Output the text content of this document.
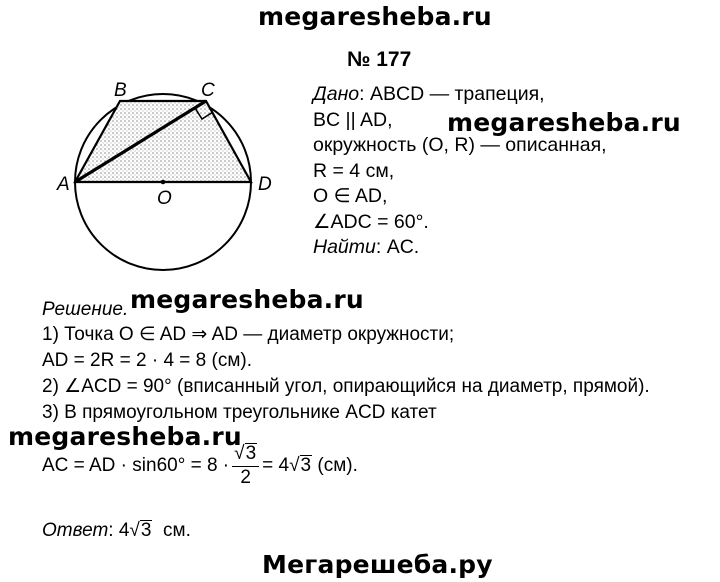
megaresheba.ru
megaresheba.ru
megaresheba.ru
megaresheba.ru
Мегарешеба.ру
№ 177
A
B	C
D
O
Дано: ABCD — трапеция,
BC || AD,
окружность (O, R) — описанная,
R = 4 см,
O ∈ AD,
∠ADC = 60°.
Найти: AC.
Решение.
1) Точка O ∈ AD ⇒ AD — диаметр окружности;
AD = 2R = 2 · 4 = 8 (см).
2) ∠ACD = 90° (вписанный угол, опирающийся на диаметр, прямой).
3) В прямоугольном треугольнике ACD катет
AC = AD · $\sin 60^\circ = 8 \cdot \frac{√3}{2} = 4√3$ (см).
Ответ: 4√3 см.
